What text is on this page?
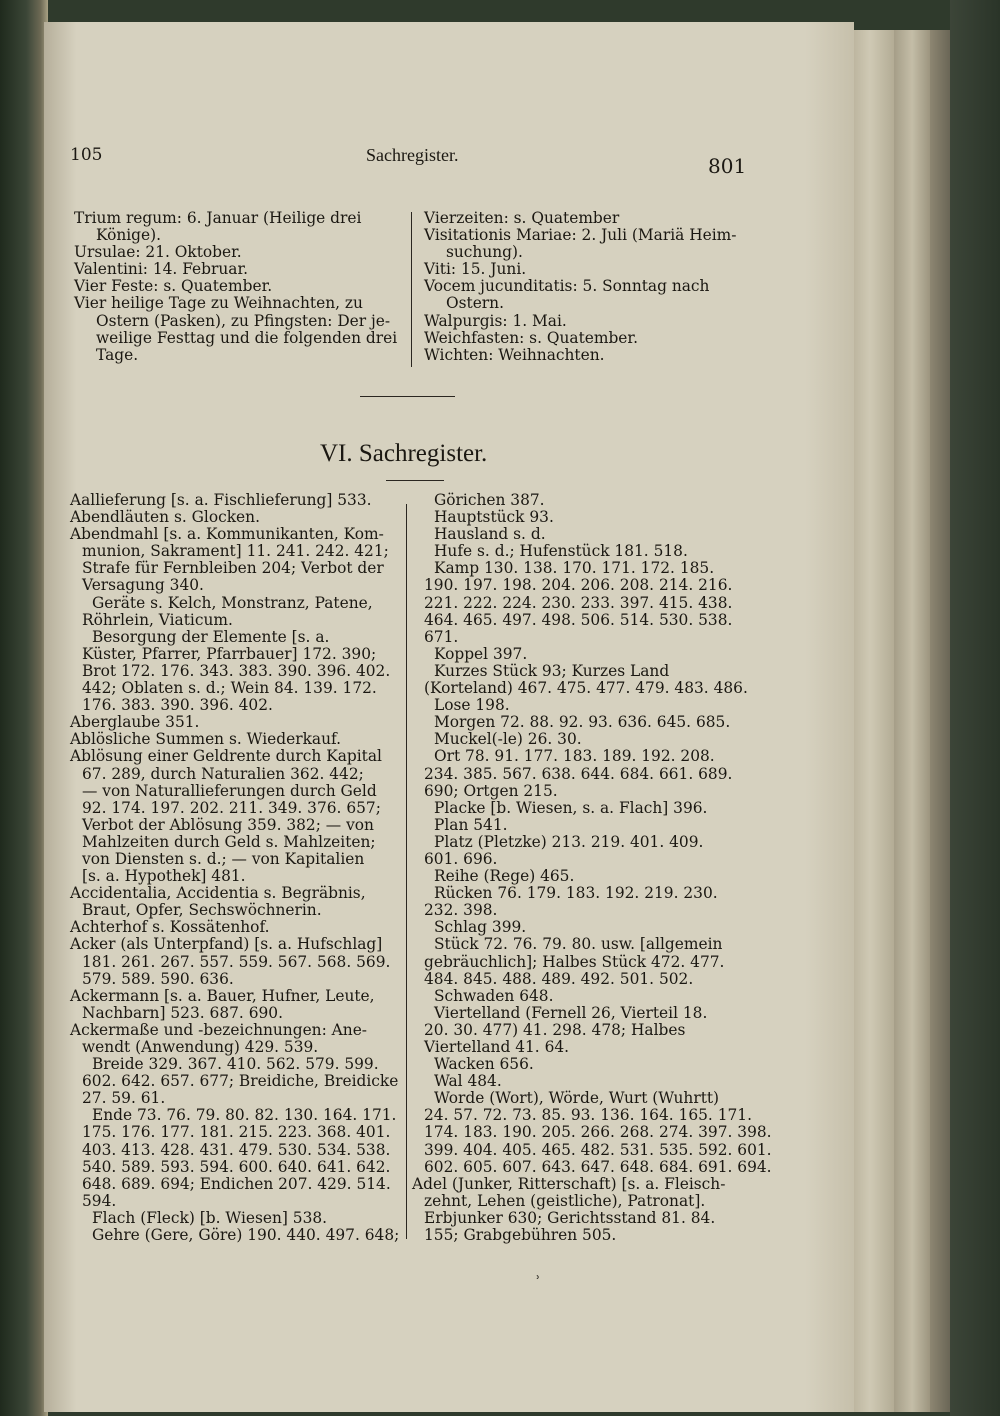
105	Sachregister.	801
Trium regum: 6. Januar (Heilige drei
Könige).
Ursulae: 21. Oktober.
Valentini: 14. Februar.
Vier Feste: s. Quatember.
Vier heilige Tage zu Weihnachten, zu
Ostern (Pasken), zu Pfingsten: Der je-
weilige Festtag und die folgenden drei
Tage.
Vierzeiten: s. Quatember
Visitationis Mariae: 2. Juli (Mariä Heim-
suchung).
Viti: 15. Juni.
Vocem jucunditatis: 5. Sonntag nach
Ostern.
Walpurgis: 1. Mai.
Weichfasten: s. Quatember.
Wichten: Weihnachten.
VI. Sachregister.
Aallieferung [s. a. Fischlieferung] 533.
Abendläuten s. Glocken.
Abendmahl [s. a. Kommunikanten, Kom-
munion, Sakrament] 11. 241. 242. 421;
Strafe für Fernbleiben 204; Verbot der
Versagung 340.
Geräte s. Kelch, Monstranz, Patene,
Röhrlein, Viaticum.
Besorgung der Elemente [s. a.
Küster, Pfarrer, Pfarrbauer] 172. 390;
Brot 172. 176. 343. 383. 390. 396. 402.
442; Oblaten s. d.; Wein 84. 139. 172.
176. 383. 390. 396. 402.
Aberglaube 351.
Ablösliche Summen s. Wiederkauf.
Ablösung einer Geldrente durch Kapital
67. 289, durch Naturalien 362. 442;
— von Naturallieferungen durch Geld
92. 174. 197. 202. 211. 349. 376. 657;
Verbot der Ablösung 359. 382; — von
Mahlzeiten durch Geld s. Mahlzeiten;
von Diensten s. d.; — von Kapitalien
[s. a. Hypothek] 481.
Accidentalia, Accidentia s. Begräbnis,
Braut, Opfer, Sechswöchnerin.
Achterhof s. Kossätenhof.
Acker (als Unterpfand) [s. a. Hufschlag]
181. 261. 267. 557. 559. 567. 568. 569.
579. 589. 590. 636.
Ackermann [s. a. Bauer, Hufner, Leute,
Nachbarn] 523. 687. 690.
Ackermaße und -bezeichnungen: Ane-
wendt (Anwendung) 429. 539.
Breide 329. 367. 410. 562. 579. 599.
602. 642. 657. 677; Breidiche, Breidicke
27. 59. 61.
Ende 73. 76. 79. 80. 82. 130. 164. 171.
175. 176. 177. 181. 215. 223. 368. 401.
403. 413. 428. 431. 479. 530. 534. 538.
540. 589. 593. 594. 600. 640. 641. 642.
648. 689. 694; Endichen 207. 429. 514.
594.
Flach (Fleck) [b. Wiesen] 538.
Gehre (Gere, Göre) 190. 440. 497. 648;
Görichen 387.
Hauptstück 93.
Hausland s. d.
Hufe s. d.; Hufenstück 181. 518.
Kamp 130. 138. 170. 171. 172. 185.
190. 197. 198. 204. 206. 208. 214. 216.
221. 222. 224. 230. 233. 397. 415. 438.
464. 465. 497. 498. 506. 514. 530. 538.
671.
Koppel 397.
Kurzes Stück 93; Kurzes Land
(Korteland) 467. 475. 477. 479. 483. 486.
Lose 198.
Morgen 72. 88. 92. 93. 636. 645. 685.
Muckel(-le) 26. 30.
Ort 78. 91. 177. 183. 189. 192. 208.
234. 385. 567. 638. 644. 684. 661. 689.
690; Ortgen 215.
Placke [b. Wiesen, s. a. Flach] 396.
Plan 541.
Platz (Pletzke) 213. 219. 401. 409.
601. 696.
Reihe (Rege) 465.
Rücken 76. 179. 183. 192. 219. 230.
232. 398.
Schlag 399.
Stück 72. 76. 79. 80. usw. [allgemein
gebräuchlich]; Halbes Stück 472. 477.
484. 845. 488. 489. 492. 501. 502.
Schwaden 648.
Viertelland (Fernell 26, Vierteil 18.
20. 30. 477) 41. 298. 478; Halbes
Viertelland 41. 64.
Wacken 656.
Wal 484.
Worde (Wort), Wörde, Wurt (Wuhrtt)
24. 57. 72. 73. 85. 93. 136. 164. 165. 171.
174. 183. 190. 205. 266. 268. 274. 397. 398.
399. 404. 405. 465. 482. 531. 535. 592. 601.
602. 605. 607. 643. 647. 648. 684. 691. 694.
Adel (Junker, Ritterschaft) [s. a. Fleisch-
zehnt, Lehen (geistliche), Patronat].
Erbjunker 630; Gerichtsstand 81. 84.
155; Grabgebühren 505.
ʾ
